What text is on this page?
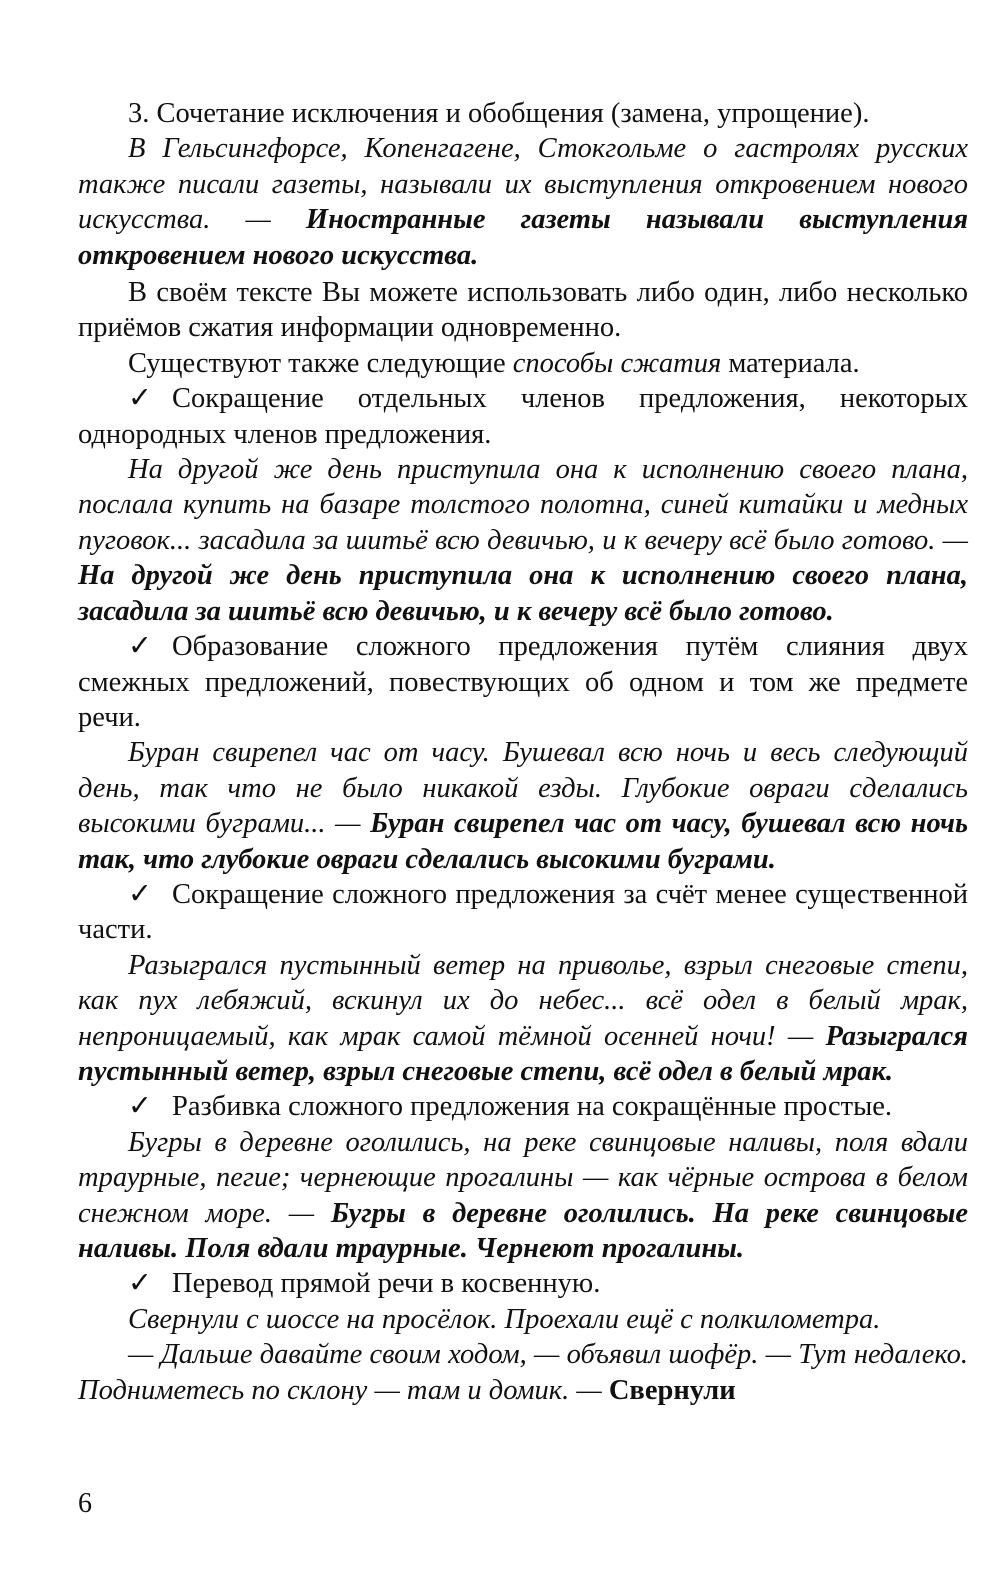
3. Сочетание исключения и обобщения (замена, упрощение).

В Гельсингфорсе, Копенгагене, Стокгольме о гастролях русских также писали газеты, называли их выступления откровением нового искусства. — Иностранные газеты называли выступления откровением нового искусства.

В своём тексте Вы можете использовать либо один, либо несколько приёмов сжатия информации одновременно.

Существуют также следующие способы сжатия материала.

✓ Сокращение отдельных членов предложения, некоторых однородных членов предложения.

На другой же день приступила она к исполнению своего плана, послала купить на базаре толстого полотна, синей китайки и медных пуговок... засадила за шитьё всю девичью, и к вечеру всё было готово. — На другой же день приступила она к исполнению своего плана, засадила за шитьё всю девичью, и к вечеру всё было готово.

✓ Образование сложного предложения путём слияния двух смежных предложений, повествующих об одном и том же предмете речи.

Буран свирепел час от часу. Бушевал всю ночь и весь следующий день, так что не было никакой езды. Глубокие овраги сделались высокими буграми... — Буран свирепел час от часу, бушевал всю ночь так, что глубокие овраги сделались высокими буграми.

✓ Сокращение сложного предложения за счёт менее существенной части.

Разыгрался пустынный ветер на приволье, взрыл снеговые степи, как пух лебяжий, вскинул их до небес... всё одел в белый мрак, непроницаемый, как мрак самой тёмной осенней ночи! — Разыгрался пустынный ветер, взрыл снеговые степи, всё одел в белый мрак.

✓ Разбивка сложного предложения на сокращённые простые.

Бугры в деревне оголились, на реке свинцовые наливы, поля вдали траурные, пегие; чернеющие прогалины — как чёрные острова в белом снежном море. — Бугры в деревне оголились. На реке свинцовые наливы. Поля вдали траурные. Чернеют прогалины.

✓ Перевод прямой речи в косвенную.

Свернули с шоссе на просёлок. Проехали ещё с полкилометра.

— Дальше давайте своим ходом, — объявил шофёр. — Тут недалеко. Подниметесь по склону — там и домик. — Свернули

6
